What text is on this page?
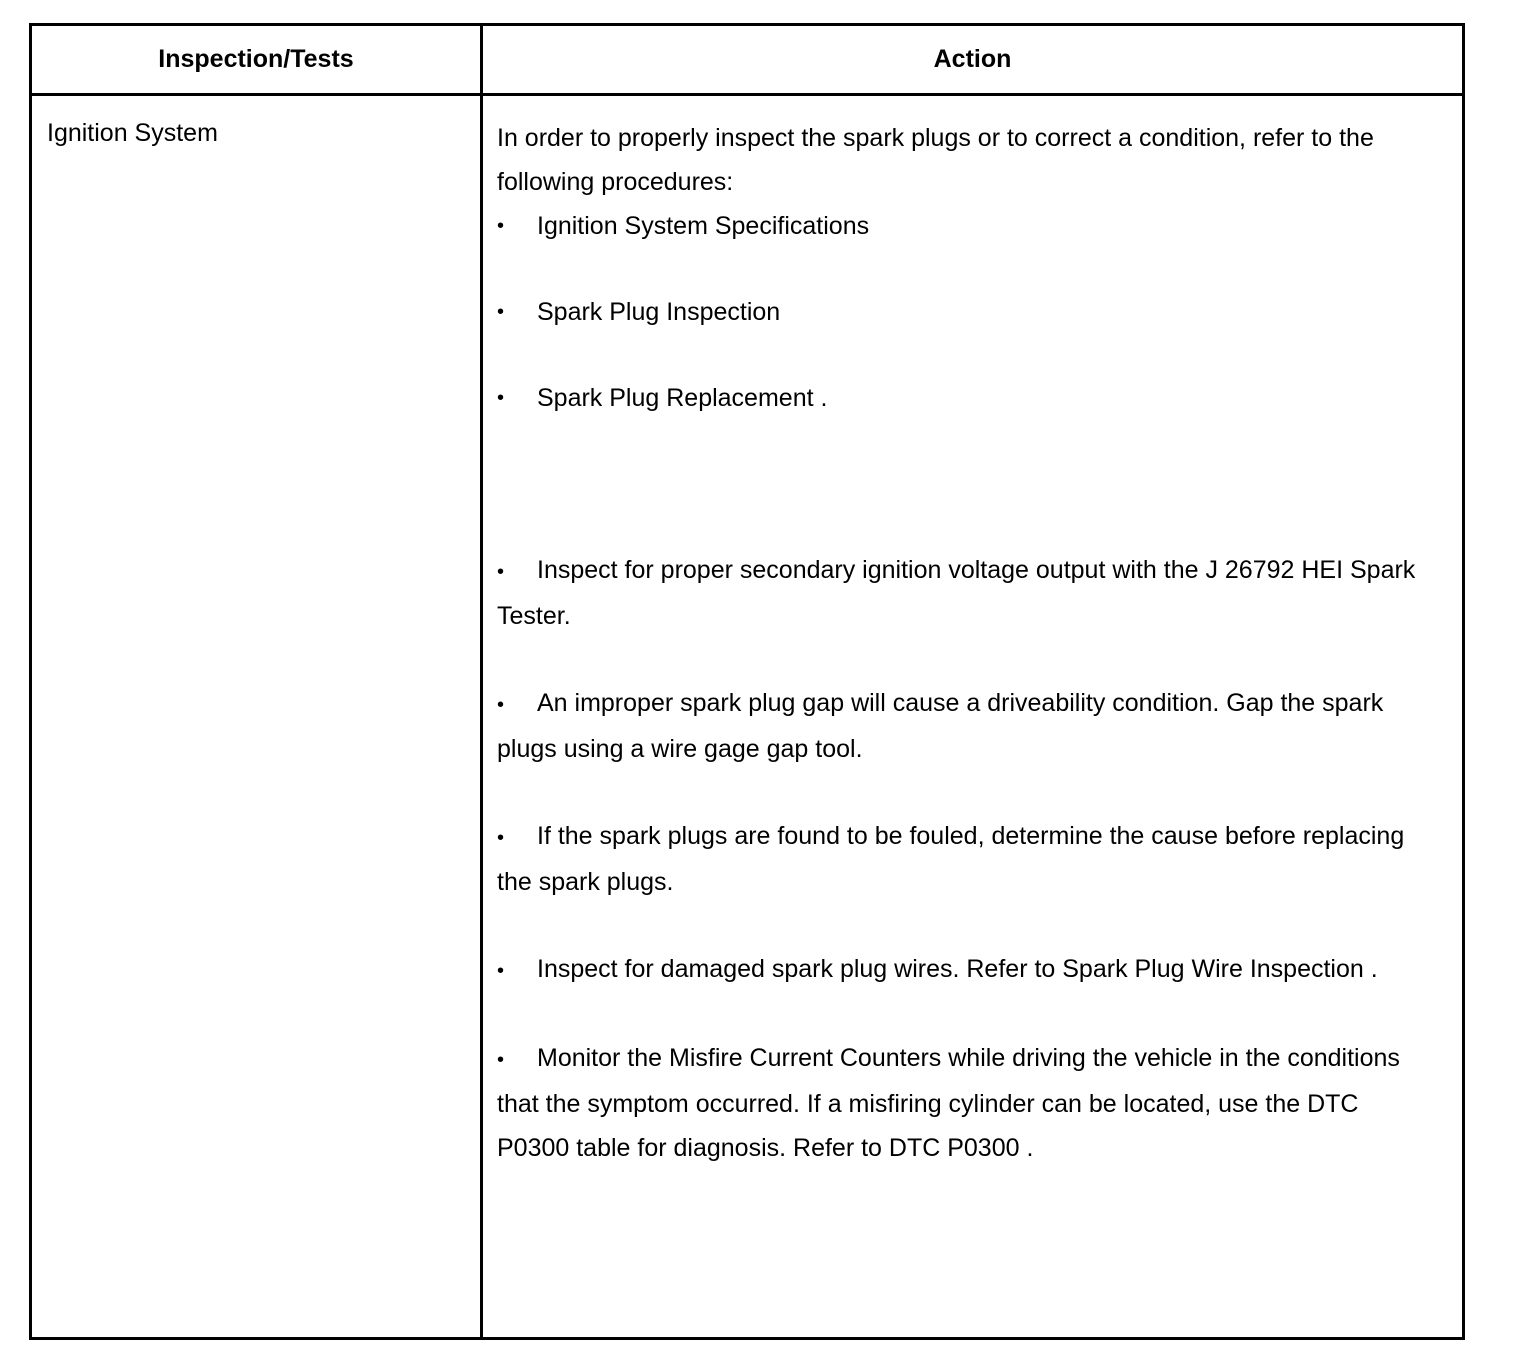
Inspection/Tests	Action
Ignition System	In order to properly inspect the spark plugs or to correct a condition, refer to the following procedures:

• Ignition System Specifications

• Spark Plug Inspection

• Spark Plug Replacement .

• Inspect for proper secondary ignition voltage output with the J 26792 HEI Spark Tester.

• An improper spark plug gap will cause a driveability condition. Gap the spark plugs using a wire gage gap tool.

• If the spark plugs are found to be fouled, determine the cause before replacing the spark plugs.

• Inspect for damaged spark plug wires. Refer to Spark Plug Wire Inspection .

• Monitor the Misfire Current Counters while driving the vehicle in the conditions that the symptom occurred. If a misfiring cylinder can be located, use the DTC P0300 table for diagnosis. Refer to DTC P0300 .
